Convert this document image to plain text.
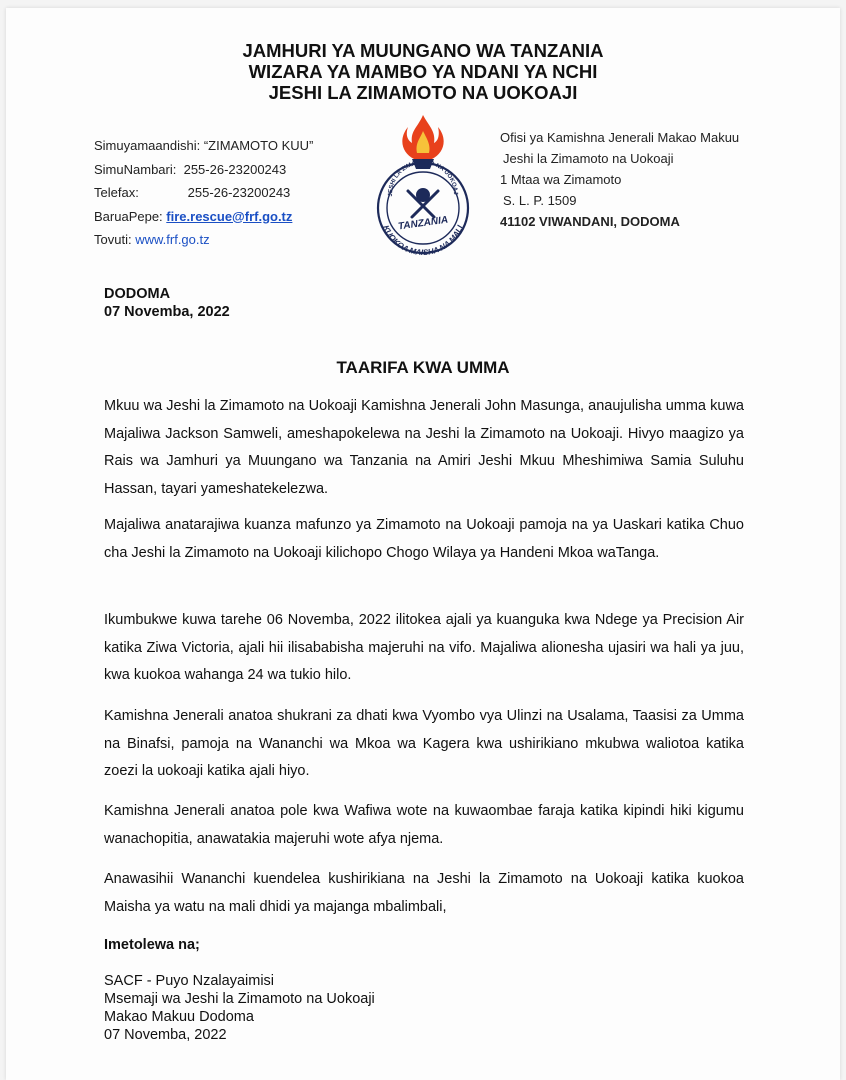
JAMHURI YA MUUNGANO WA TANZANIA
WIZARA YA MAMBO YA NDANI YA NCHI
JESHI LA ZIMAMOTO NA UOKOAJI
Simuyamaandishi: “ZIMAMOTO KUU”
SimuNambari: 255-26-23200243
Telefax:	255-26-23200243
BaruaPepe: fire.rescue@frf.go.tz
Tovuti: www.frf.go.tz
JESHI LA ZIMAMOTO NA UOKOAJ
KUOKOA MAISHA NA MALI
TANZANIA
Ofisi ya Kamishna Jenerali Makao Makuu
Jeshi la Zimamoto na Uokoaji
1 Mtaa wa Zimamoto
S. L. P. 1509
41102 VIWANDANI, DODOMA
DODOMA
07 Novemba, 2022
TAARIFA KWA UMMA

Mkuu wa Jeshi la Zimamoto na Uokoaji Kamishna Jenerali John Masunga, anaujulisha umma kuwa Majaliwa Jackson Samweli, ameshapokelewa na Jeshi la Zimamoto na Uokoaji. Hivyo maagizo ya Rais wa Jamhuri ya Muungano wa Tanzania na Amiri Jeshi Mkuu Mheshimiwa Samia Suluhu Hassan, tayari yameshatekelezwa.

Majaliwa anatarajiwa kuanza mafunzo ya Zimamoto na Uokoaji pamoja na ya Uaskari katika Chuo cha Jeshi la Zimamoto na Uokoaji kilichopo Chogo Wilaya ya Handeni Mkoa waTanga.

Ikumbukwe kuwa tarehe 06 Novemba, 2022 ilitokea ajali ya kuanguka kwa Ndege ya Precision Air katika Ziwa Victoria, ajali hii ilisababisha majeruhi na vifo. Majaliwa alionesha ujasiri wa hali ya juu, kwa kuokoa wahanga 24 wa tukio hilo.

Kamishna Jenerali anatoa shukrani za dhati kwa Vyombo vya Ulinzi na Usalama, Taasisi za Umma na Binafsi, pamoja na Wananchi wa Mkoa wa Kagera kwa ushirikiano mkubwa waliotoa katika zoezi la uokoaji katika ajali hiyo.

Kamishna Jenerali anatoa pole kwa Wafiwa wote na kuwaombae faraja katika kipindi hiki kigumu wanachopitia, anawatakia majeruhi wote afya njema.

Anawasihii Wananchi kuendelea kushirikiana na Jeshi la Zimamoto na Uokoaji katika kuokoa Maisha ya watu na mali dhidi ya majanga mbalimbali,

Imetolewa na;
SACF - Puyo Nzalayaimisi
Msemaji wa Jeshi la Zimamoto na Uokoaji
Makao Makuu Dodoma
07 Novemba, 2022
